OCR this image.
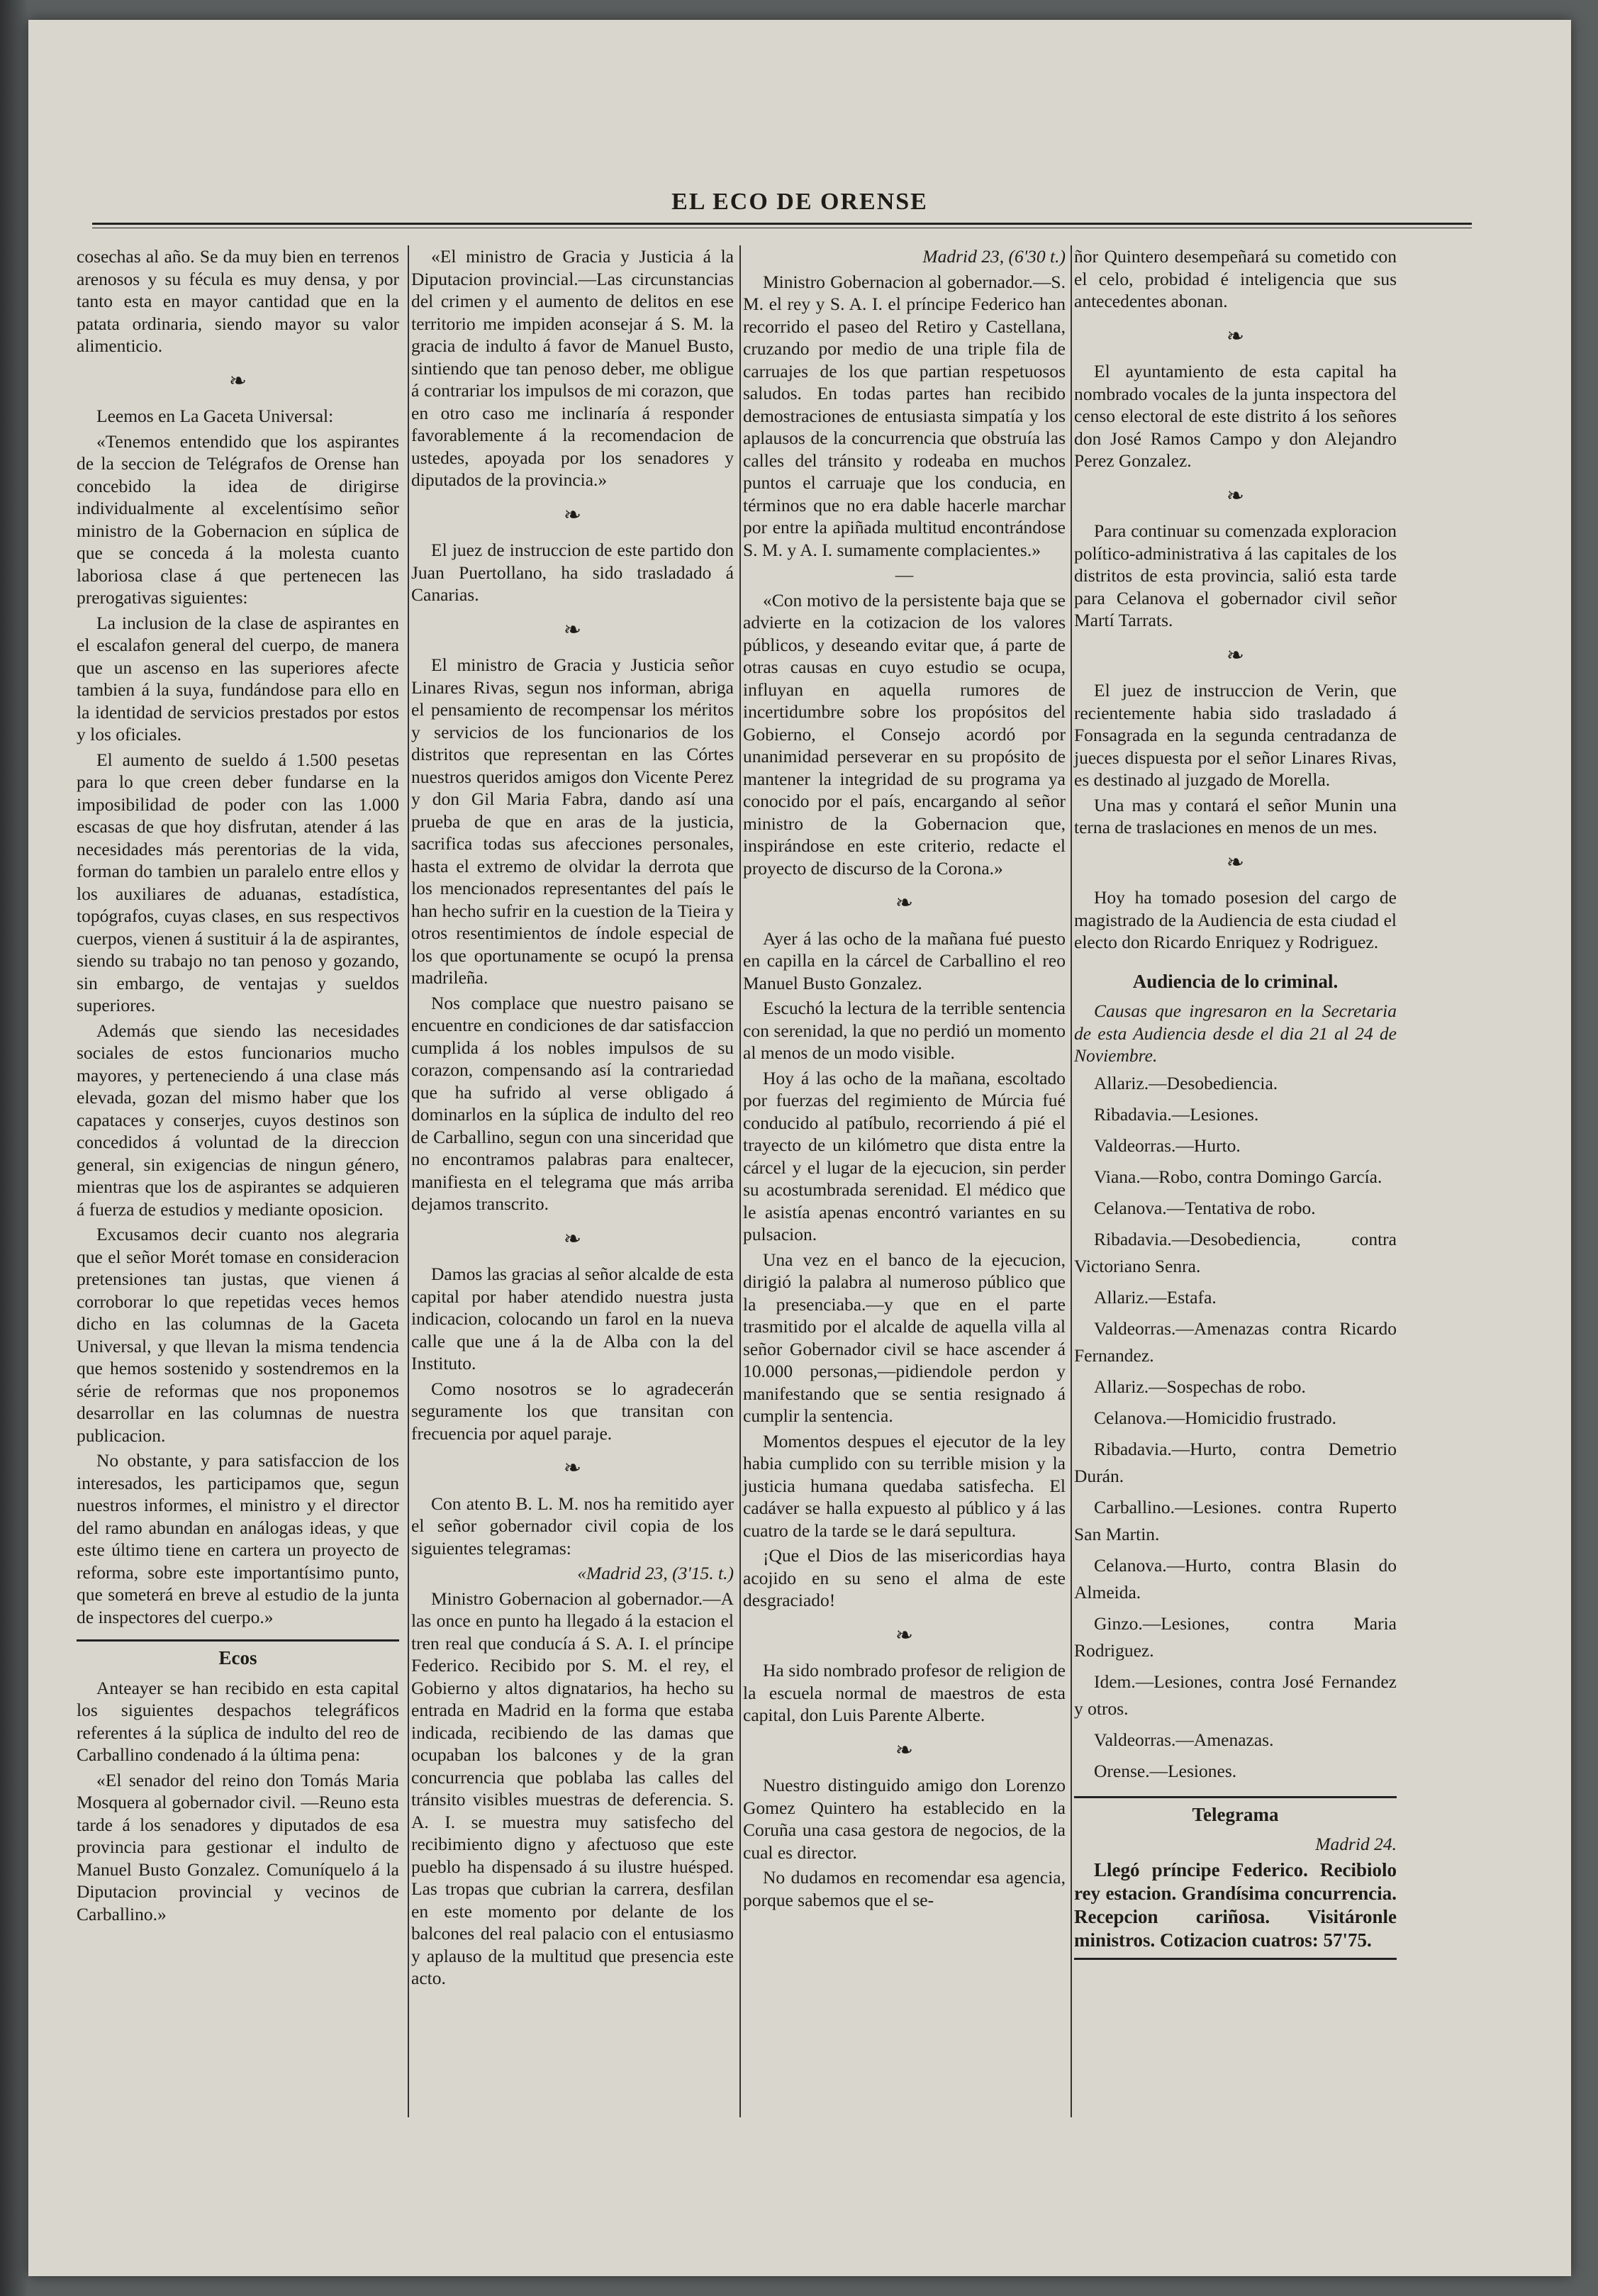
EL ECO DE ORENSE

cosechas al año. Se da muy bien en terrenos arenosos y su fécula es muy densa, y por tanto esta en mayor cantidad que en la patata ordinaria, siendo mayor su valor alimenticio.

❧

Leemos en La Gaceta Universal:

«Tenemos entendido que los aspirantes de la seccion de Telégrafos de Orense han concebido la idea de dirigirse individualmente al excelentísimo señor ministro de la Gobernacion en súplica de que se conceda á la molesta cuanto laboriosa clase á que pertenecen las prerogativas siguientes:

La inclusion de la clase de aspirantes en el escalafon general del cuerpo, de manera que un ascenso en las superiores afecte tambien á la suya, fundándose para ello en la identidad de servicios prestados por estos y los oficiales.

El aumento de sueldo á 1.500 pesetas para lo que creen deber fundarse en la imposibilidad de poder con las 1.000 escasas de que hoy disfrutan, atender á las necesidades más perentorias de la vida, forman do tambien un paralelo entre ellos y los auxiliares de aduanas, estadística, topógrafos, cuyas clases, en sus respectivos cuerpos, vienen á sustituir á la de aspirantes, siendo su trabajo no tan penoso y gozando, sin embargo, de ventajas y sueldos superiores.

Además que siendo las necesidades sociales de estos funcionarios mucho mayores, y perteneciendo á una clase más elevada, gozan del mismo haber que los capataces y conserjes, cuyos destinos son concedidos á voluntad de la direccion general, sin exigencias de ningun género, mientras que los de aspirantes se adquieren á fuerza de estudios y mediante oposicion.

Excusamos decir cuanto nos alegraria que el señor Morét tomase en consideracion pretensiones tan justas, que vienen á corroborar lo que repetidas veces hemos dicho en las columnas de la Gaceta Universal, y que llevan la misma tendencia que hemos sostenido y sostendremos en la série de reformas que nos proponemos desarrollar en las columnas de nuestra publicacion.

No obstante, y para satisfaccion de los interesados, les participamos que, segun nuestros informes, el ministro y el director del ramo abundan en análogas ideas, y que este último tiene en cartera un proyecto de reforma, sobre este importantísimo punto, que someterá en breve al estudio de la junta de inspectores del cuerpo.»

Ecos

Anteayer se han recibido en esta capital los siguientes despachos telegráficos referentes á la súplica de indulto del reo de Carballino condenado á la última pena:

«El senador del reino don Tomás Maria Mosquera al gobernador civil. —Reuno esta tarde á los senadores y diputados de esa provincia para gestionar el indulto de Manuel Busto Gonzalez. Comuníquelo á la Diputacion provincial y vecinos de Carballino.»

«El ministro de Gracia y Justicia á la Diputacion provincial.—Las circunstancias del crimen y el aumento de delitos en ese territorio me impiden aconsejar á S. M. la gracia de indulto á favor de Manuel Busto, sintiendo que tan penoso deber, me obligue á contrariar los impulsos de mi corazon, que en otro caso me inclinaría á responder favorablemente á la recomendacion de ustedes, apoyada por los senadores y diputados de la provincia.»

❧

El juez de instruccion de este partido don Juan Puertollano, ha sido trasladado á Canarias.

❧

El ministro de Gracia y Justicia señor Linares Rivas, segun nos informan, abriga el pensamiento de recompensar los méritos y servicios de los funcionarios de los distritos que representan en las Córtes nuestros queridos amigos don Vicente Perez y don Gil Maria Fabra, dando así una prueba de que en aras de la justicia, sacrifica todas sus afecciones personales, hasta el extremo de olvidar la derrota que los mencionados representantes del país le han hecho sufrir en la cuestion de la Tieira y otros resentimientos de índole especial de los que oportunamente se ocupó la prensa madrileña.

Nos complace que nuestro paisano se encuentre en condiciones de dar satisfaccion cumplida á los nobles impulsos de su corazon, compensando así la contrariedad que ha sufrido al verse obligado á dominarlos en la súplica de indulto del reo de Carballino, segun con una sinceridad que no encontramos palabras para enaltecer, manifiesta en el telegrama que más arriba dejamos transcrito.

❧

Damos las gracias al señor alcalde de esta capital por haber atendido nuestra justa indicacion, colocando un farol en la nueva calle que une á la de Alba con la del Instituto.

Como nosotros se lo agradecerán seguramente los que transitan con frecuencia por aquel paraje.

❧

Con atento B. L. M. nos ha remitido ayer el señor gobernador civil copia de los siguientes telegramas:

«Madrid 23, (3'15. t.)

Ministro Gobernacion al gobernador.—A las once en punto ha llegado á la estacion el tren real que conducía á S. A. I. el príncipe Federico. Recibido por S. M. el rey, el Gobierno y altos dignatarios, ha hecho su entrada en Madrid en la forma que estaba indicada, recibiendo de las damas que ocupaban los balcones y de la gran concurrencia que poblaba las calles del tránsito visibles muestras de deferencia. S. A. I. se muestra muy satisfecho del recibimiento digno y afectuoso que este pueblo ha dispensado á su ilustre huésped. Las tropas que cubrian la carrera, desfilan en este momento por delante de los balcones del real palacio con el entusiasmo y aplauso de la multitud que presencia este acto.

Madrid 23, (6'30 t.)

Ministro Gobernacion al gobernador.—S. M. el rey y S. A. I. el príncipe Federico han recorrido el paseo del Retiro y Castellana, cruzando por medio de una triple fila de carruajes de los que partian respetuosos saludos. En todas partes han recibido demostraciones de entusiasta simpatía y los aplausos de la concurrencia que obstruía las calles del tránsito y rodeaba en muchos puntos el carruaje que los conducia, en términos que no era dable hacerle marchar por entre la apiñada multitud encontrándose S. M. y A. I. sumamente complacientes.»

—

«Con motivo de la persistente baja que se advierte en la cotizacion de los valores públicos, y deseando evitar que, á parte de otras causas en cuyo estudio se ocupa, influyan en aquella rumores de incertidumbre sobre los propósitos del Gobierno, el Consejo acordó por unanimidad perseverar en su propósito de mantener la integridad de su programa ya conocido por el país, encargando al señor ministro de la Gobernacion que, inspirándose en este criterio, redacte el proyecto de discurso de la Corona.»

❧

Ayer á las ocho de la mañana fué puesto en capilla en la cárcel de Carballino el reo Manuel Busto Gonzalez.

Escuchó la lectura de la terrible sentencia con serenidad, la que no perdió un momento al menos de un modo visible.

Hoy á las ocho de la mañana, escoltado por fuerzas del regimiento de Múrcia fué conducido al patíbulo, recorriendo á pié el trayecto de un kilómetro que dista entre la cárcel y el lugar de la ejecucion, sin perder su acostumbrada serenidad. El médico que le asistía apenas encontró variantes en su pulsacion.

Una vez en el banco de la ejecucion, dirigió la palabra al numeroso público que la presenciaba.—y que en el parte trasmitido por el alcalde de aquella villa al señor Gobernador civil se hace ascender á 10.000 personas,—pidiendole perdon y manifestando que se sentia resignado á cumplir la sentencia.

Momentos despues el ejecutor de la ley habia cumplido con su terrible mision y la justicia humana quedaba satisfecha. El cadáver se halla expuesto al público y á las cuatro de la tarde se le dará sepultura.

¡Que el Dios de las misericordias haya acojido en su seno el alma de este desgraciado!

❧

Ha sido nombrado profesor de religion de la escuela normal de maestros de esta capital, don Luis Parente Alberte.

❧

Nuestro distinguido amigo don Lorenzo Gomez Quintero ha establecido en la Coruña una casa gestora de negocios, de la cual es director.

No dudamos en recomendar esa agencia, porque sabemos que el se-

ñor Quintero desempeñará su cometido con el celo, probidad é inteligencia que sus antecedentes abonan.

❧

El ayuntamiento de esta capital ha nombrado vocales de la junta inspectora del censo electoral de este distrito á los señores don José Ramos Campo y don Alejandro Perez Gonzalez.

❧

Para continuar su comenzada exploracion político-administrativa á las capitales de los distritos de esta provincia, salió esta tarde para Celanova el gobernador civil señor Martí Tarrats.

❧

El juez de instruccion de Verin, que recientemente habia sido trasladado á Fonsagrada en la segunda centradanza de jueces dispuesta por el señor Linares Rivas, es destinado al juzgado de Morella.

Una mas y contará el señor Munin una terna de traslaciones en menos de un mes.

❧

Hoy ha tomado posesion del cargo de magistrado de la Audiencia de esta ciudad el electo don Ricardo Enriquez y Rodriguez.

Audiencia de lo criminal.

Causas que ingresaron en la Secretaria de esta Audiencia desde el dia 21 al 24 de Noviembre.

Allariz.—Desobediencia.

Ribadavia.—Lesiones.

Valdeorras.—Hurto.

Viana.—Robo, contra Domingo García.

Celanova.—Tentativa de robo.

Ribadavia.—Desobediencia, contra Victoriano Senra.

Allariz.—Estafa.

Valdeorras.—Amenazas contra Ricardo Fernandez.

Allariz.—Sospechas de robo.

Celanova.—Homicidio frustrado.

Ribadavia.—Hurto, contra Demetrio Durán.

Carballino.—Lesiones. contra Ruperto San Martin.

Celanova.—Hurto, contra Blasin do Almeida.

Ginzo.—Lesiones, contra Maria Rodriguez.

Idem.—Lesiones, contra José Fernandez y otros.

Valdeorras.—Amenazas.

Orense.—Lesiones.

Telegrama

Madrid 24.

Llegó príncipe Federico. Recibiolo rey estacion. Grandísima concurrencia. Recepcion cariñosa. Visitáronle ministros. Cotizacion cuatros: 57'75.
